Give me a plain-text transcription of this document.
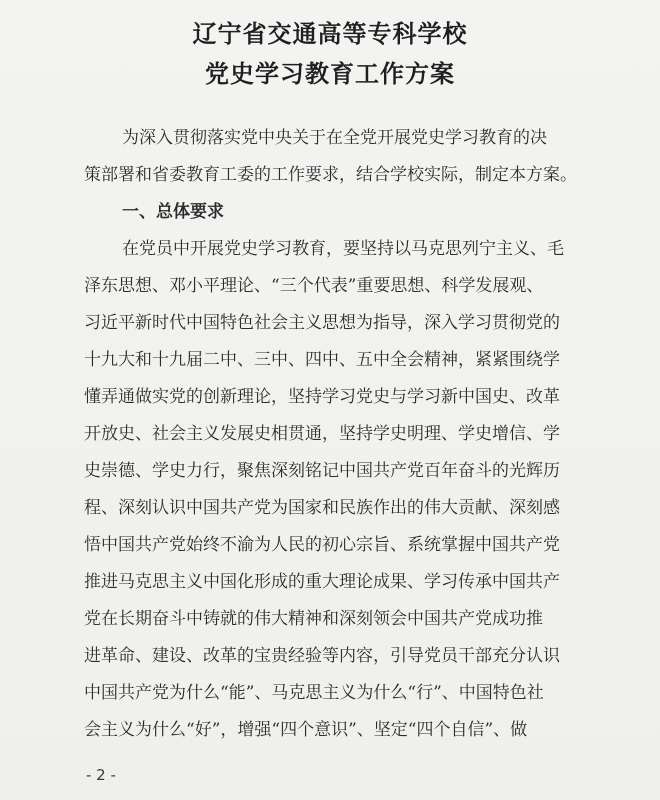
辽宁省交通高等专科学校
党史学习教育工作方案
为深入贯彻落实党中央关于在全党开展党史学习教育的决
策部署和省委教育工委的工作要求，结合学校实际，制定本方案。
一、总体要求
在党员中开展党史学习教育，要坚持以马克思列宁主义、毛
泽东思想、邓小平理论、“三个代表”重要思想、科学发展观、
习近平新时代中国特色社会主义思想为指导，深入学习贯彻党的
十九大和十九届二中、三中、四中、五中全会精神，紧紧围绕学
懂弄通做实党的创新理论，坚持学习党史与学习新中国史、改革
开放史、社会主义发展史相贯通，坚持学史明理、学史增信、学
史崇德、学史力行，聚焦深刻铭记中国共产党百年奋斗的光辉历
程、深刻认识中国共产党为国家和民族作出的伟大贡献、深刻感
悟中国共产党始终不渝为人民的初心宗旨、系统掌握中国共产党
推进马克思主义中国化形成的重大理论成果、学习传承中国共产
党在长期奋斗中铸就的伟大精神和深刻领会中国共产党成功推
进革命、建设、改革的宝贵经验等内容，引导党员干部充分认识
中国共产党为什么“能”、马克思主义为什么“行”、中国特色社
会主义为什么“好”，增强“四个意识”、坚定“四个自信”、做
- 2 -
